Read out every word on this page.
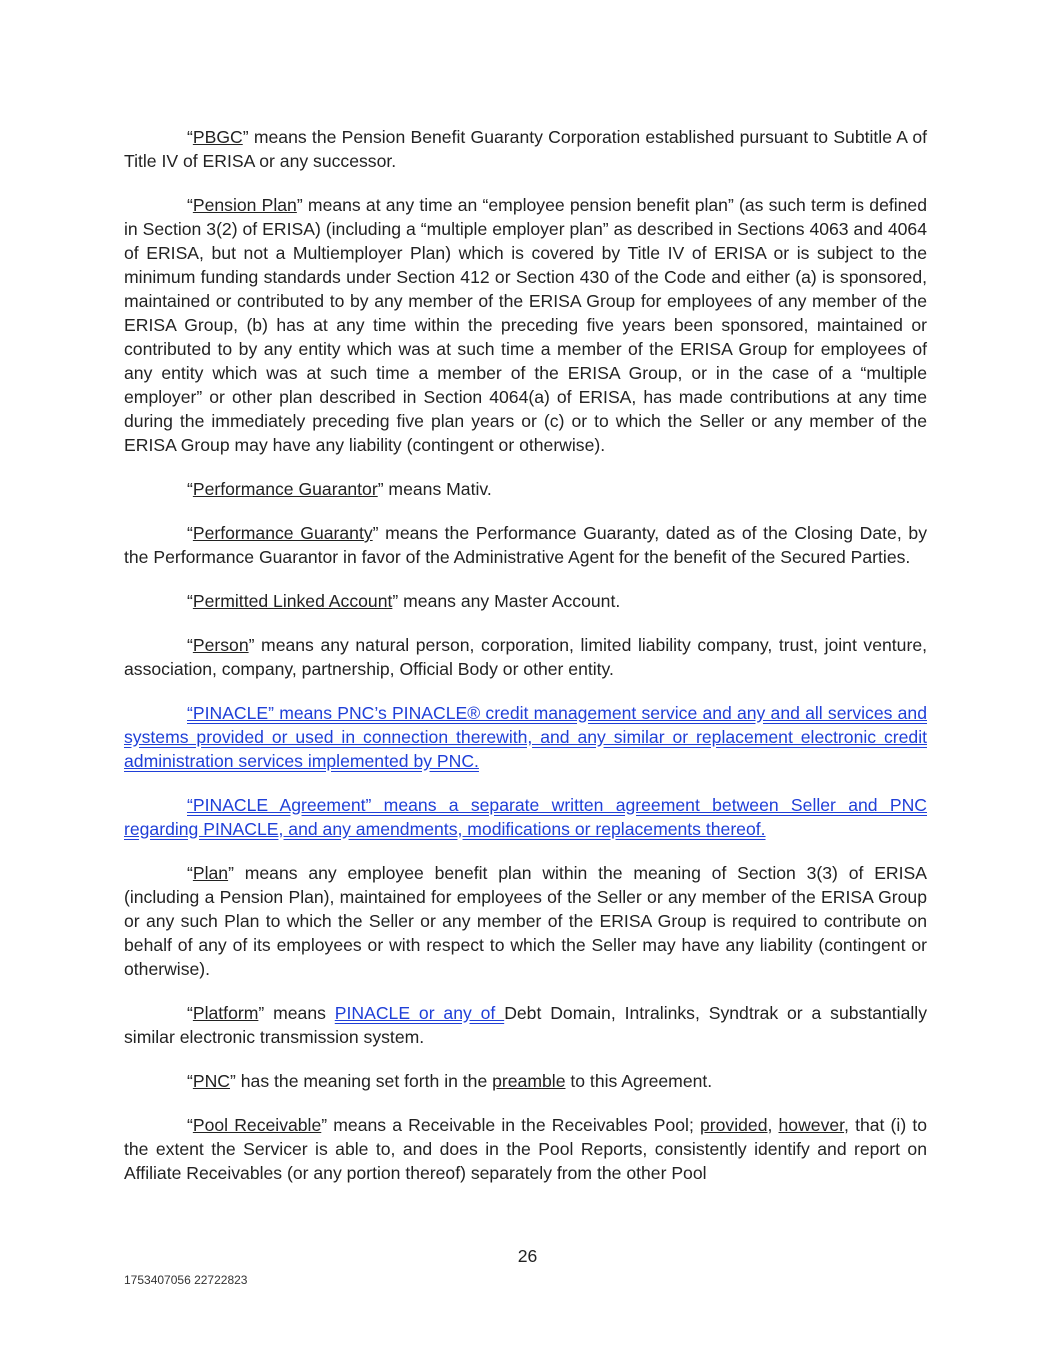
“PBGC” means the Pension Benefit Guaranty Corporation established pursuant to Subtitle A of Title IV of ERISA or any successor.

“Pension Plan” means at any time an “employee pension benefit plan” (as such term is defined in Section 3(2) of ERISA) (including a “multiple employer plan” as described in Sections 4063 and 4064 of ERISA, but not a Multiemployer Plan) which is covered by Title IV of ERISA or is subject to the minimum funding standards under Section 412 or Section 430 of the Code and either (a) is sponsored, maintained or contributed to by any member of the ERISA Group for employees of any member of the ERISA Group, (b) has at any time within the preceding five years been sponsored, maintained or contributed to by any entity which was at such time a member of the ERISA Group for employees of any entity which was at such time a member of the ERISA Group, or in the case of a “multiple employer” or other plan described in Section 4064(a) of ERISA, has made contributions at any time during the immediately preceding five plan years or (c) or to which the Seller or any member of the ERISA Group may have any liability (contingent or otherwise).

“Performance Guarantor” means Mativ.

“Performance Guaranty” means the Performance Guaranty, dated as of the Closing Date, by the Performance Guarantor in favor of the Administrative Agent for the benefit of the Secured Parties.

“Permitted Linked Account” means any Master Account.

“Person” means any natural person, corporation, limited liability company, trust, joint venture, association, company, partnership, Official Body or other entity.

“PINACLE” means PNC’s PINACLE® credit management service and any and all services and systems provided or used in connection therewith, and any similar or replacement electronic credit administration services implemented by PNC.

“PINACLE Agreement” means a separate written agreement between Seller and PNC regarding PINACLE, and any amendments, modifications or replacements thereof.

“Plan” means any employee benefit plan within the meaning of Section 3(3) of ERISA (including a Pension Plan), maintained for employees of the Seller or any member of the ERISA Group or any such Plan to which the Seller or any member of the ERISA Group is required to contribute on behalf of any of its employees or with respect to which the Seller may have any liability (contingent or otherwise).

“Platform” means PINACLE or any of Debt Domain, Intralinks, Syndtrak or a substantially similar electronic transmission system.

“PNC” has the meaning set forth in the preamble to this Agreement.

“Pool Receivable” means a Receivable in the Receivables Pool; provided, however, that (i) to the extent the Servicer is able to, and does in the Pool Reports, consistently identify and report on Affiliate Receivables (or any portion thereof) separately from the other Pool

26
1753407056 22722823
